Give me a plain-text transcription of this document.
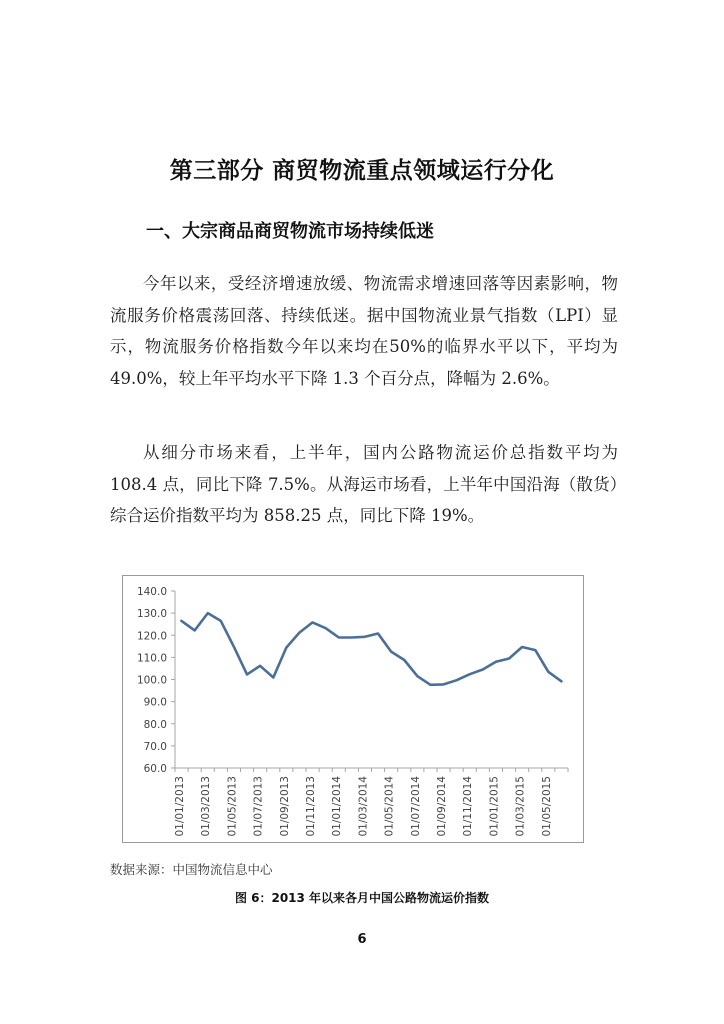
第三部分 商贸物流重点领域运行分化
一、大宗商品商贸物流市场持续低迷

今年以来，受经济增速放缓、物流需求增速回落等因素影响，物流服务价格震荡回落、持续低迷。据中国物流业景气指数（LPI）显示，物流服务价格指数今年以来均在50%的临界水平以下，平均为49.0%，较上年平均水平下降 1.3 个百分点，降幅为 2.6%。

从细分市场来看，上半年，国内公路物流运价总指数平均为 108.4 点，同比下降 7.5%。从海运市场看，上半年中国沿海（散货）综合运价指数平均为 858.25 点，同比下降 19%。

60.0
70.0
80.0
90.0
100.0
110.0
120.0
130.0
140.0
01/01/2013 01/03/2013 01/05/2013 01/07/2013 01/09/2013 01/11/2013 01/01/2014 01/03/2014 01/05/2014 01/07/2014 01/09/2014 01/11/2014 01/01/2015 01/03/2015 01/05/2015
数据来源：中国物流信息中心
图 6：2013 年以来各月中国公路物流运价指数
6
